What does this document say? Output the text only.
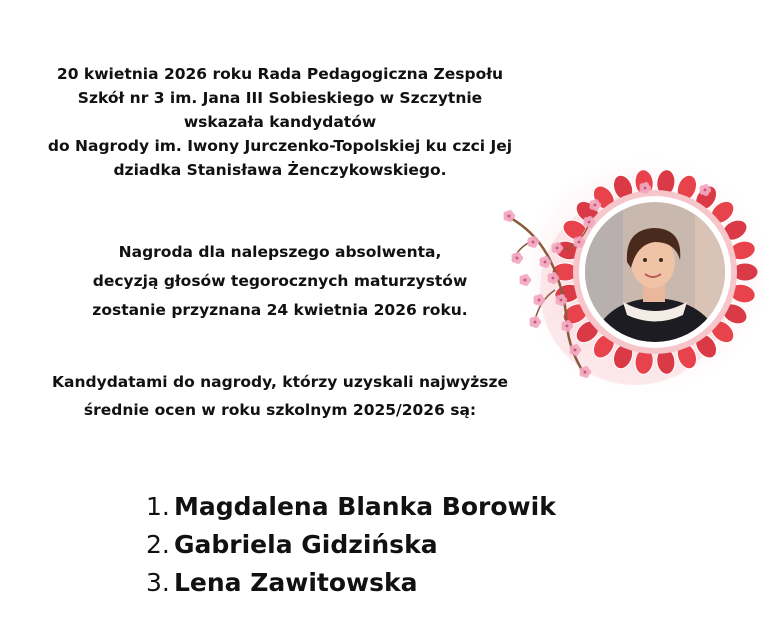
20 kwietnia 2026 roku Rada Pedagogiczna Zespołu
Szkół nr 3 im. Jana III Sobieskiego w Szczytnie
wskazała kandydatów
do Nagrody im. Iwony Jurczenko-Topolskiej ku czci Jej
dziadka Stanisława Żenczykowskiego.
Nagroda dla nalepszego absolwenta,
decyzją głosów tegorocznych maturzystów
zostanie przyznana 24 kwietnia 2026 roku.
Kandydatami do nagrody, którzy uzyskali najwyższe
średnie ocen w roku szkolnym 2025/2026 są:
1. Magdalena Blanka Borowik
2. Gabriela Gidzińska
3. Lena Zawitowska
